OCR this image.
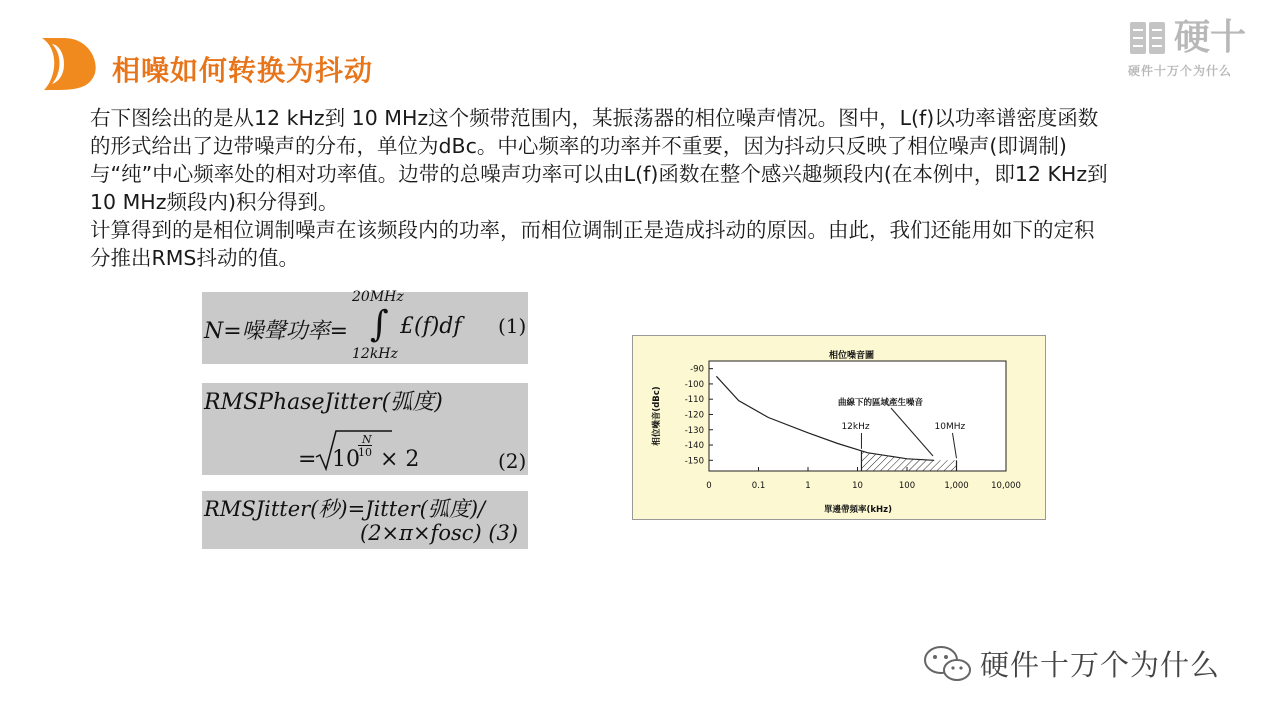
相噪如何转换为抖动
硬十
硬件十万个为什么

右下图绘出的是从12 kHz到 10 MHz这个频带范围内，某振荡器的相位噪声情况。图中，L(f)以功率谱密度函数的形式给出了边带噪声的分布，单位为dBc。中心频率的功率并不重要，因为抖动只反映了相位噪声(即调制)与“纯”中心频率处的相对功率值。边带的总噪声功率可以由L(f)函数在整个感兴趣频段内(在本例中，即12 KHz到 10 MHz频段内)积分得到。

计算得到的是相位调制噪声在该频段内的功率，而相位调制正是造成抖动的原因。由此，我们还能用如下的定积分推出RMS抖动的值。

N=噪聲功率=
20MHz
∫
12kHz
£(f)df (1)
RMSPhaseJitter(弧度)
= 10
N
10 × 2	(2)
RMSJitter(秒)=Jitter(弧度)/
(2×π×fosc) (3)
相位噪音圖
-90
-100
-110
-120
-130
-140
-150
相位噪音(dBc)
0	0.1	1	10	100	1,000	10,000
單邊帶頻率(kHz)
曲線下的區域產生噪音
12kHz	10MHz
硬件十万个为什么
